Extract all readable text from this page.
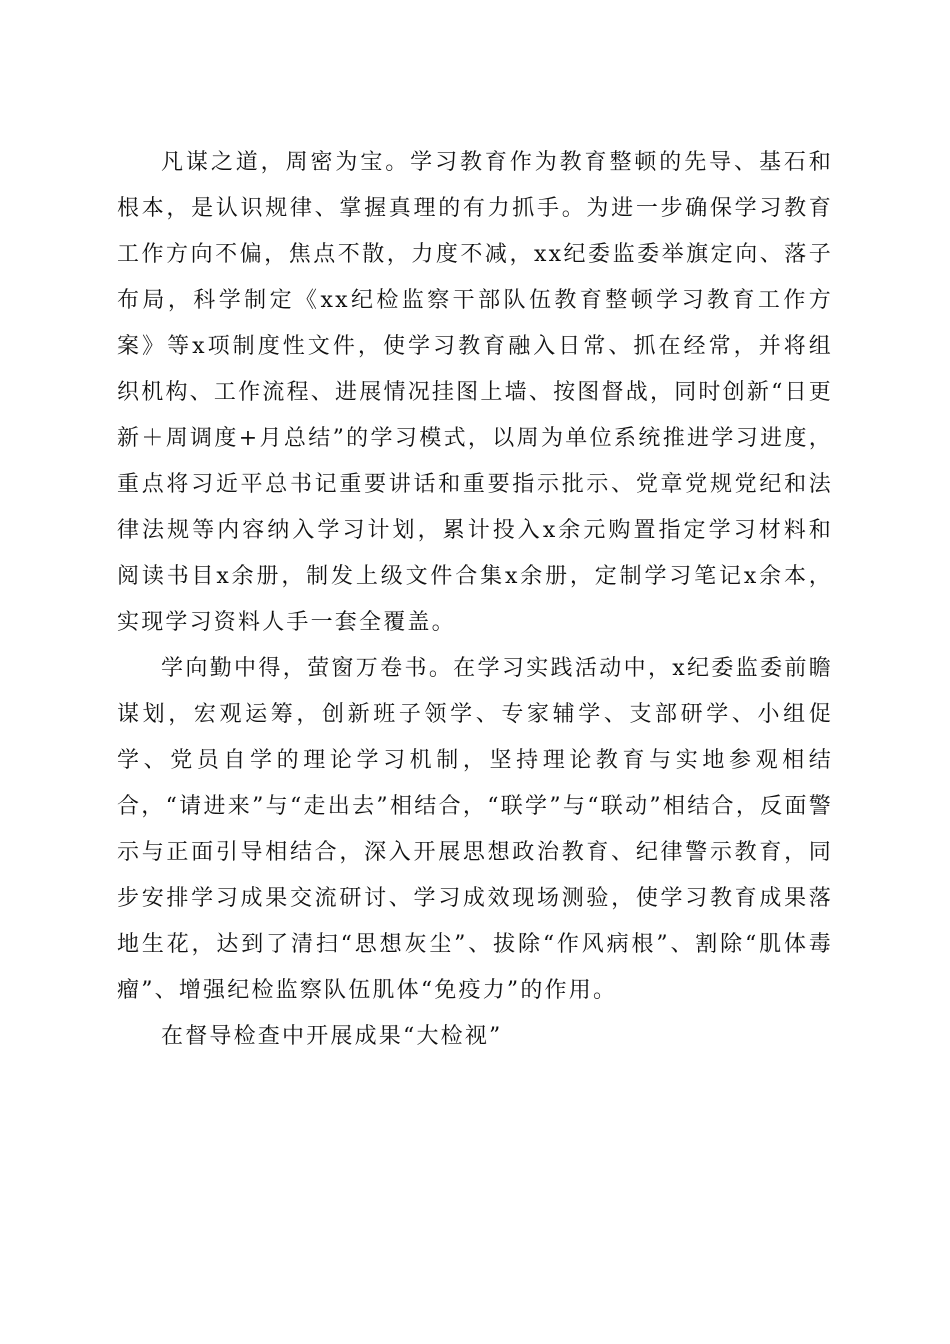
凡谋之道，周密为宝。学习教育作为教育整顿的先导、基石和根本，是认识规律、掌握真理的有力抓手。为进一步确保学习教育工作方向不偏，焦点不散，力度不减，xx纪委监委举旗定向、落子布局，科学制定《xx纪检监察干部队伍教育整顿学习教育工作方案》等x项制度性文件，使学习教育融入日常、抓在经常，并将组织机构、工作流程、进展情况挂图上墙、按图督战，同时创新“日更新＋周调度+月总结”的学习模式，以周为单位系统推进学习进度，重点将习近平总书记重要讲话和重要指示批示、党章党规党纪和法律法规等内容纳入学习计划，累计投入x余元购置指定学习材料和阅读书目x余册，制发上级文件合集x余册，定制学习笔记x余本，实现学习资料人手一套全覆盖。

学向勤中得，萤窗万卷书。在学习实践活动中，x纪委监委前瞻谋划，宏观运筹，创新班子领学、专家辅学、支部研学、小组促学、党员自学的理论学习机制，坚持理论教育与实地参观相结合，“请进来”与“走出去”相结合，“联学”与“联动”相结合，反面警示与正面引导相结合，深入开展思想政治教育、纪律警示教育，同步安排学习成果交流研讨、学习成效现场测验，使学习教育成果落地生花，达到了清扫“思想灰尘”、拔除“作风病根”、割除“肌体毒瘤”、增强纪检监察队伍肌体“免疫力”的作用。

在督导检查中开展成果“大检视”
